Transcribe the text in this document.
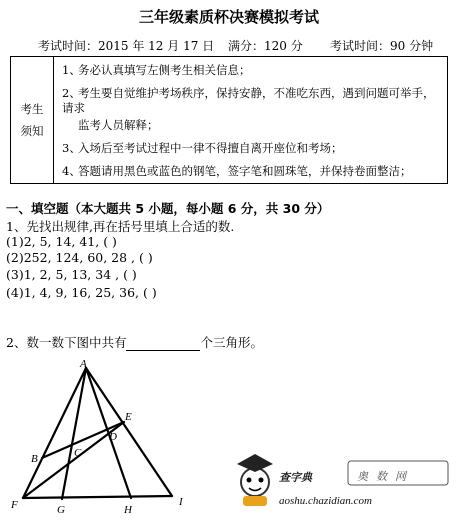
三年级素质杯决赛模拟考试
考试时间：2015 年 12 月 17 日 满分：120 分 考试时间：90 分钟
考生
须知	
1、务必认真填写左侧考生相关信息；
2、考生要自觉维护考场秩序，保持安静，不准吃东西，遇到问题可举手，请求
监考人员解释；
3、入场后至考试过程中一律不得擅自离开座位和考场；
4、答题请用黑色或蓝色的钢笔，签字笔和圆珠笔，并保持卷面整洁；
一、填空题（本大题共 5 小题，每小题 6 分，共 30 分）
1、先找出规律,再在括号里填上合适的数.
(1)2, 5, 14, 41, ( )
(2)252, 124, 60, 28 , ( )
(3)1, 2, 5, 13, 34 , ( )
(4)1, 4, 9, 16, 25, 36, ( )
2、数一数下图中共有	个三角形。
A
B	C
D
E
F	G	H
I
查字典	奥数网
aoshu.chazidian.com
